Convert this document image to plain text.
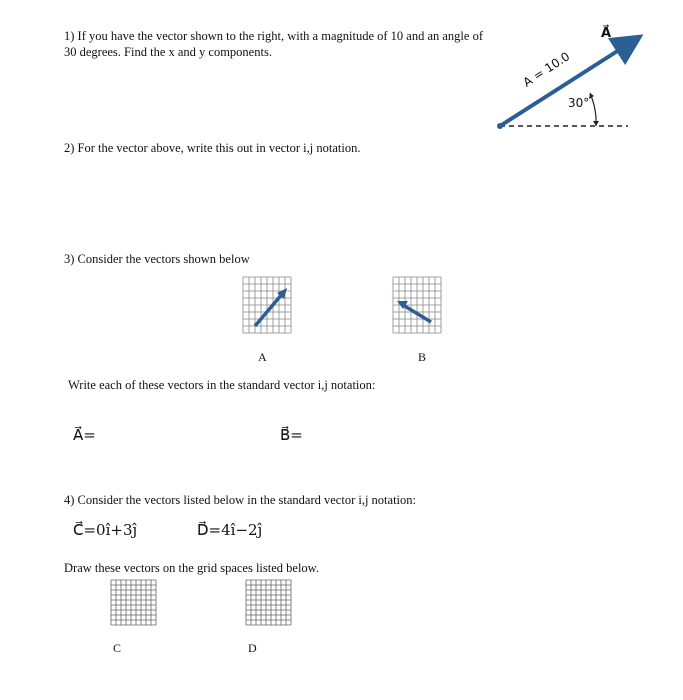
1) If you have the vector shown to the right, with a magnitude of 10 and an angle of 30 degrees. Find the x and y components.
A⃗
A = 10.0
30°
2) For the vector above, write this out in vector i,j notation.
3) Consider the vectors shown below
A	B
Write each of these vectors in the standard vector i,j notation:
A⃗=	B⃗=
4) Consider the vectors listed below in the standard vector i,j notation:
C⃗=0î+3ĵ	D⃗=4î−2ĵ
Draw these vectors on the grid spaces listed below.
C	D
